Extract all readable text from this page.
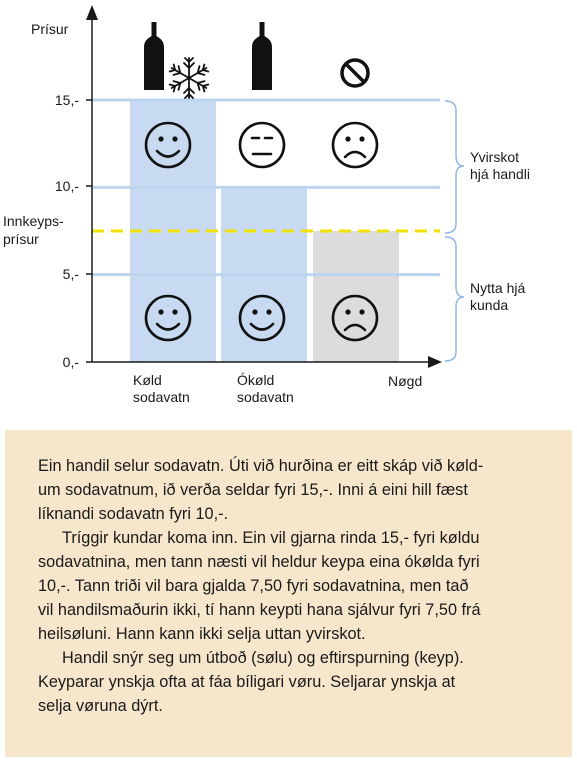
Prísur
15,-
10,-
5,-
0,-
Innkeyps-
prísur
Køld
sodavatn
Ókøld
sodavatn
Nøgd
Yvirskot
hjá handli
Nytta hjá
kunda

Ein handil selur sodavatn. Úti við hurðina er eitt skáp við køld-
um sodavatnum, ið verða seldar fyri 15,-. Inni á eini hill fæst
líknandi sodavatn fyri 10,-.

Tríggir kundar koma inn. Ein vil gjarna rinda 15,- fyri køldu
sodavatnina, men tann næsti vil heldur keypa eina ókølda fyri
10,-. Tann triði vil bara gjalda 7,50 fyri sodavatnina, men tað
vil handilsmaðurin ikki, tí hann keypti hana sjálvur fyri 7,50 frá
heilsøluni. Hann kann ikki selja uttan yvirskot.

Handil snýr seg um útboð (sølu) og eftirspurning (keyp).
Keyparar ynskja ofta at fáa bíligari vøru. Seljarar ynskja at
selja vøruna dýrt.
